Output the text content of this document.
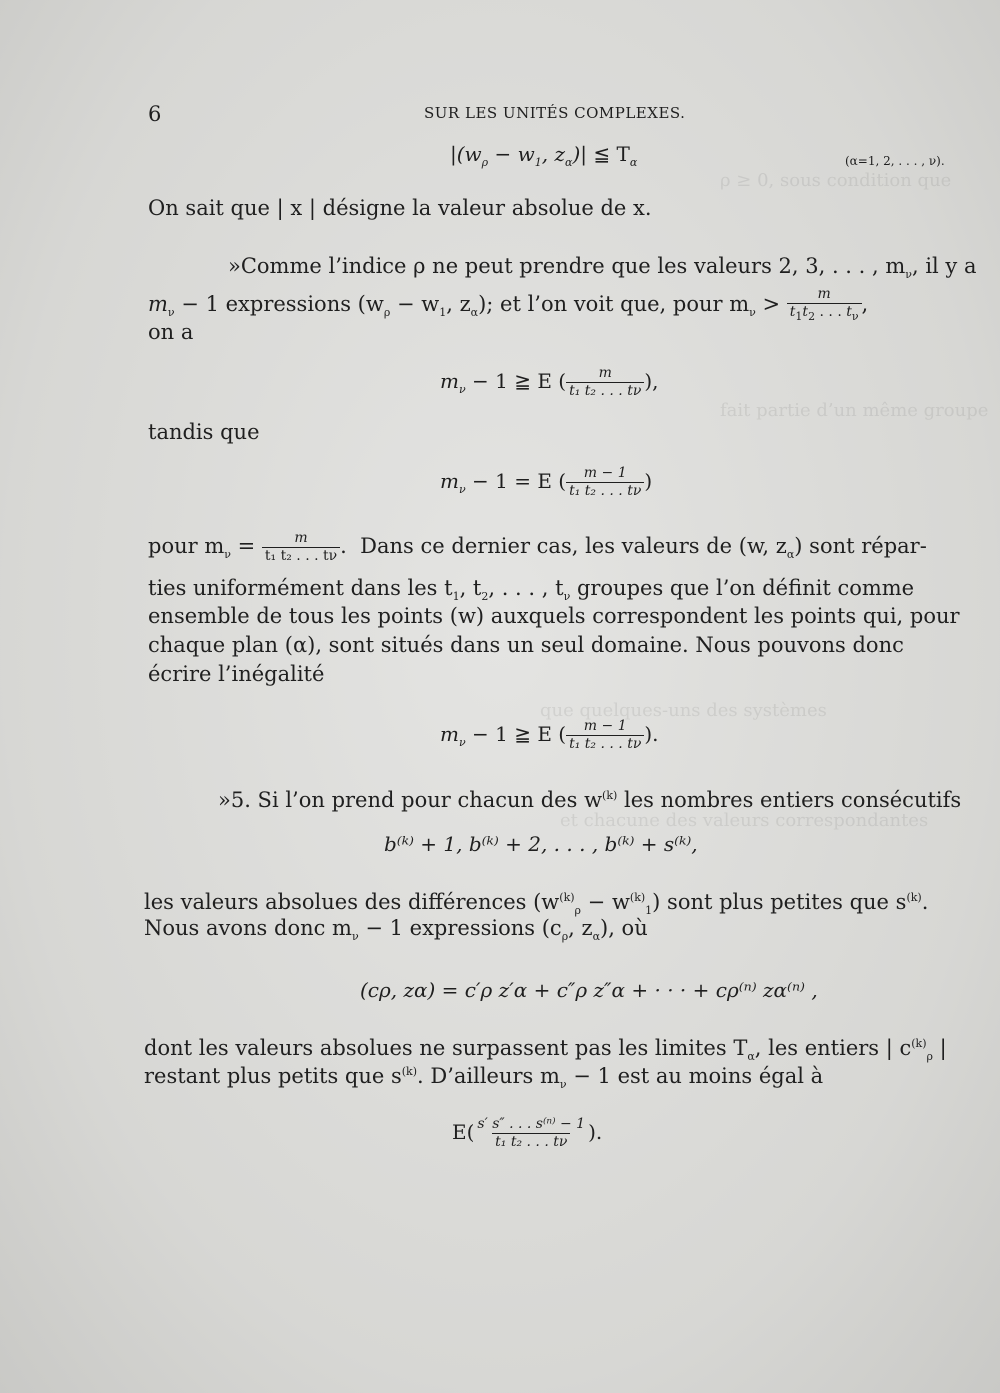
ρ ≥ 0, sous condition que
fait partie d’un même groupe
que quelques-uns des systèmes
et chacune des valeurs correspondantes
6	SUR LES UNITÉS COMPLEXES.
$|(w_\rho - w_1$, $z_\alpha)|$ ≦ $T_\alpha$	(α=1, 2, . . . , ν).
On sait que | x | désigne la valeur absolue de x.
»Comme l’indice ρ ne peut prendre que les valeurs 2, 3, . . . , $m_\nu$, il y a
$m_\nu - 1$ expressions ($w_\rho - w_1$, $z_\alpha$); et l’on voit que, pour $m_\nu > \frac{m}{t_1t_2 . . . t_\nu}$ ,
on a
$m_\nu - 1$ ≧ E ( $\frac{m}{\text{t₁ t₂ . . . tν}}$ ),
tandis que
$m_\nu - 1 = E$ ( $\frac{m - 1}{\text{t₁ t₂ . . . tν}}$ )
pour $m_\nu = \frac{m}{\text{t₁ t₂ . . . tν}}$ .  Dans ce dernier cas, les valeurs de (w, $z_\alpha$) sont répar-
ties uniformément dans les $t_1$, $t_2$, . . . , $t_\nu$ groupes que l’on définit comme
ensemble de tous les points (w) auxquels correspondent les points qui, pour
chaque plan (α), sont situés dans un seul domaine. Nous pouvons donc
écrire l’inégalité
$m_\nu - 1$ ≧ E ( $\frac{m - 1}{\text{t₁ t₂ . . . tν}}$ ).
»5. Si l’on prend pour chacun des $w^{(k)}$ les nombres entiers consécutifs
b⁽ᵏ⁾ + 1, b⁽ᵏ⁾ + 2, . . . , b⁽ᵏ⁾ + s⁽ᵏ⁾,
les valeurs absolues des différences $(w^{(k)}_\rho - w^{(k)}_1)$ sont plus petites que $s^{(k)}$.
Nous avons donc $m_\nu - 1$ expressions ($c_\rho$, $z_\alpha$), où
(cρ, zα) = c′ρ z′α + c″ρ z″α + · · · + cρ⁽ⁿ⁾ zα⁽ⁿ⁾ ,
dont les valeurs absolues ne surpassent pas les limites $T_\alpha$, les entiers | $c^{(k)}_\rho$ |
restant plus petits que $s^{(k)}$. D’ailleurs $m_\nu - 1$ est au moins égal à
$E( \frac{\text{s′ s″ . . . s⁽ⁿ⁾ − 1}}{\text{t₁ t₂ . . . tν}}$ ).
